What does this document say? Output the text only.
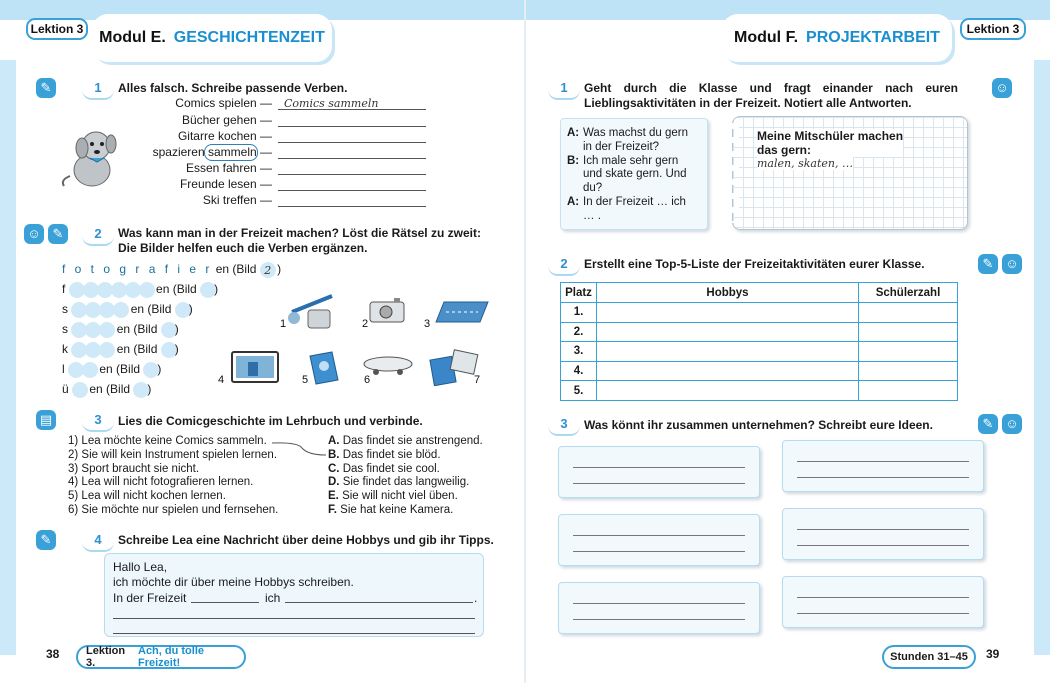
Lektion 3 Modul E. GESCHICHTENZEIT
✎	1	Alles falsch. Schreibe passende Verben.
Comics spielen —	Comics sammeln
Bücher gehen —
Gitarre kochen —
spazieren sammeln —
Essen fahren —
Freunde lesen —
Ski treffen —
☺ ✎	2	Was kann man in der Freizeit machen? Löst die Rätsel zu zweit:
Die Bilder helfen euch die Verben ergänzen.
f o t o g r a f i e r en (Bild 2 )
f	en (Bild )
s	en (Bild )
s	en (Bild )
k	en (Bild )
l	en (Bild )
ü en (Bild )
1	2	3
4	5	6	7
▤	3	Lies die Comicgeschichte im Lehrbuch und verbinde.
1) Lea möchte keine Comics sammeln.
2) Sie will kein Instrument spielen lernen.
3) Sport braucht sie nicht.
4) Lea will nicht fotografieren lernen.
5) Lea will nicht kochen lernen.
6) Sie möchte nur spielen und fernsehen.
A. Das findet sie anstrengend.
B. Das findet sie blöd.
C. Das findet sie cool.
D. Sie findet das langweilig.
E. Sie will nicht viel üben.
F. Sie hat keine Kamera.
✎	4	Schreibe Lea eine Nachricht über deine Hobbys und gib ihr Tipps.
Hallo Lea,
ich möchte dir über meine Hobbys schreiben.
In der Freizeit	ich	.
38 Lektion 3.

Ach, du tolle Freizeit!
Modul F. PROJEKTARBEIT Lektion 3
1	Geht durch die Klasse und fragt einander nach euren
Lieblingsaktivitäten in der Freizeit. Notiert alle Antworten.
☺
A: Was machst du gern
in der Freizeit?
B: Ich male sehr gern
und skate gern. Und
du?
A: In der Freizeit … ich
… .
Meine Mitschüler machen
das gern:
malen, skaten, …
2	Erstellt eine Top-5-Liste der Freizeitaktivitäten eurer Klasse.	✎ ☺
Platz	Hobbys	Schülerzahl
1.		
2.		
3.		
4.		
5.		
3	Was könnt ihr zusammen unternehmen? Schreibt eure Ideen.	✎ ☺
Stunden 31–45 39
